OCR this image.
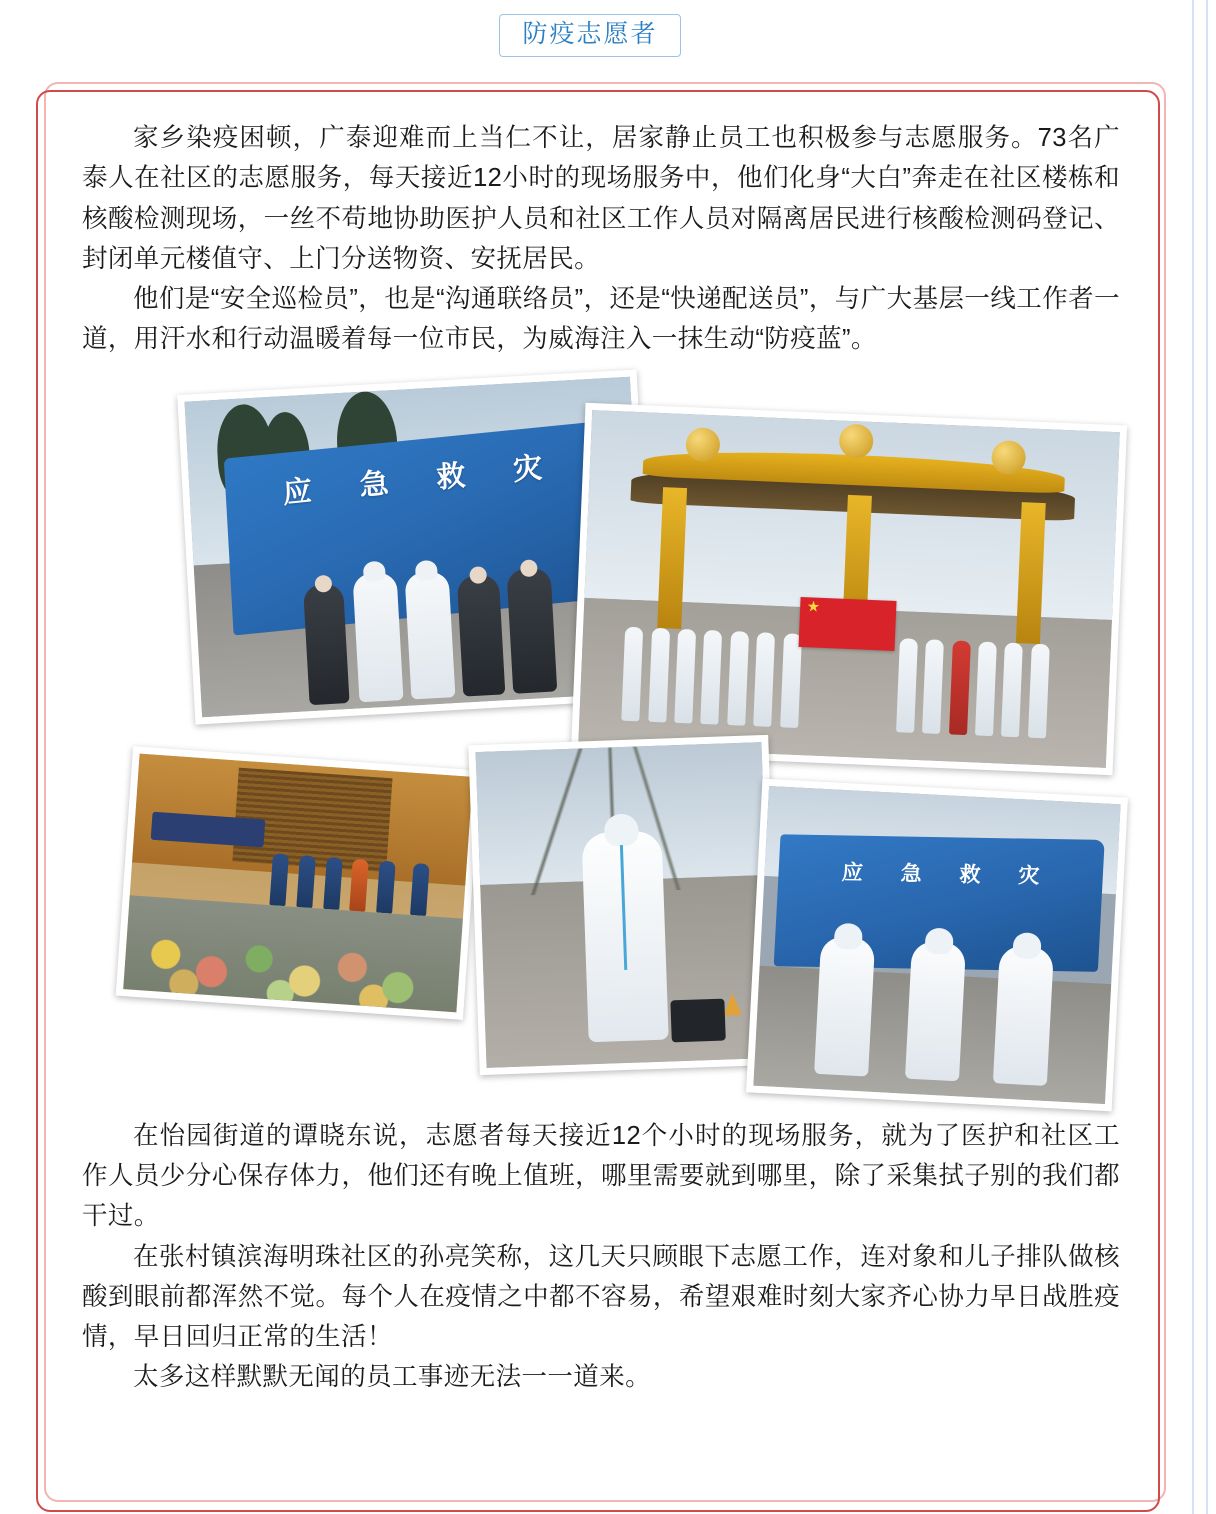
防疫志愿者

家乡染疫困顿，广泰迎难而上当仁不让，居家静止员工也积极参与志愿服务。73名广泰人在社区的志愿服务，每天接近12小时的现场服务中，他们化身“大白”奔走在社区楼栋和核酸检测现场，一丝不苟地协助医护人员和社区工作人员对隔离居民进行核酸检测码登记、封闭单元楼值守、上门分送物资、安抚居民。

他们是“安全巡检员”，也是“沟通联络员”，还是“快递配送员”，与广大基层一线工作者一道，用汗水和行动温暖着每一位市民，为威海注入一抹生动“防疫蓝”。

应 急 救 灾
★
应 急 救 灾

在怡园街道的谭晓东说，志愿者每天接近12个小时的现场服务，就为了医护和社区工作人员少分心保存体力，他们还有晚上值班，哪里需要就到哪里，除了采集拭子别的我们都干过。

在张村镇滨海明珠社区的孙亮笑称，这几天只顾眼下志愿工作，连对象和儿子排队做核酸到眼前都浑然不觉。每个人在疫情之中都不容易，希望艰难时刻大家齐心协力早日战胜疫情，早日回归正常的生活！

太多这样默默无闻的员工事迹无法一一道来。
